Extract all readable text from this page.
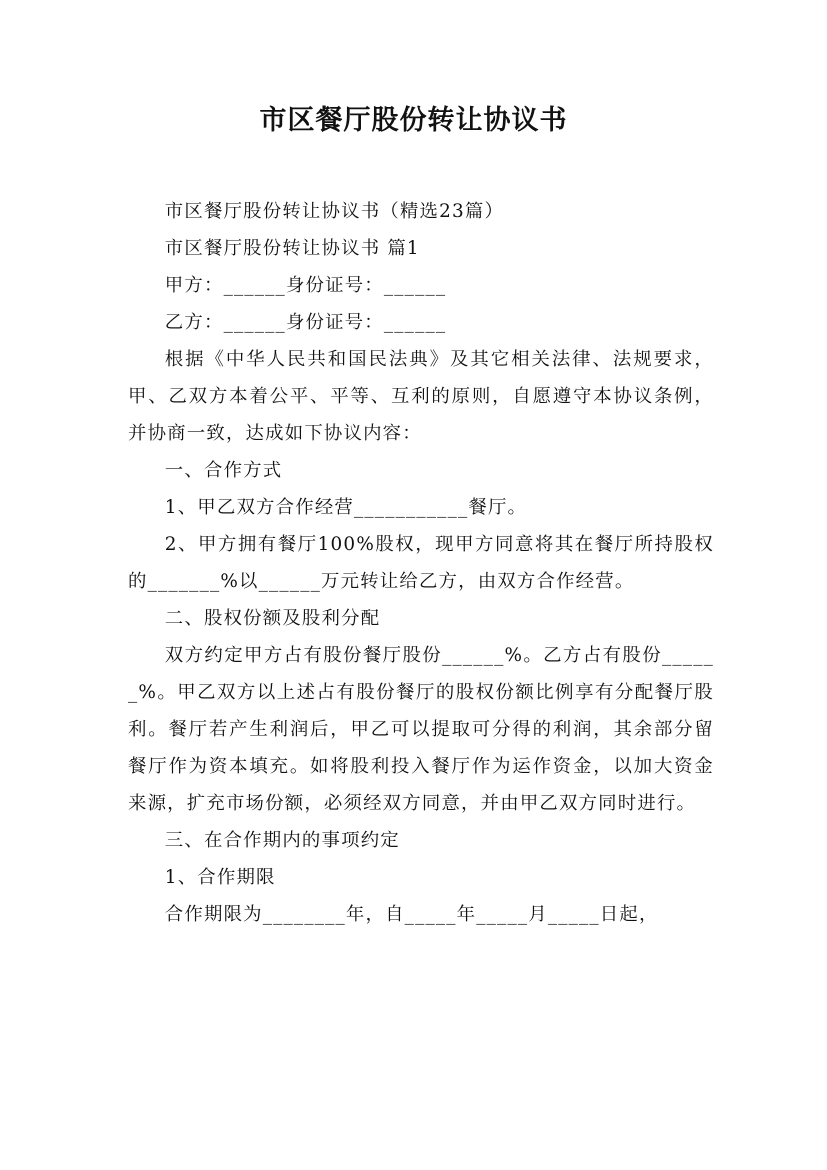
市区餐厅股份转让协议书

市区餐厅股份转让协议书（精选23篇）

市区餐厅股份转让协议书 篇1

甲方：______身份证号：______

乙方：______身份证号：______

根据《中华人民共和国民法典》及其它相关法律、法规要求，甲、乙双方本着公平、平等、互利的原则，自愿遵守本协议条例，并协商一致，达成如下协议内容：

一、合作方式

1、甲乙双方合作经营___________餐厅。

2、甲方拥有餐厅100%股权，现甲方同意将其在餐厅所持股权的_______%以______万元转让给乙方，由双方合作经营。

二、股权份额及股利分配

双方约定甲方占有股份餐厅股份______%。乙方占有股份______%。甲乙双方以上述占有股份餐厅的股权份额比例享有分配餐厅股利。餐厅若产生利润后，甲乙可以提取可分得的利润，其余部分留餐厅作为资本填充。如将股利投入餐厅作为运作资金，以加大资金来源，扩充市场份额，必须经双方同意，并由甲乙双方同时进行。

三、在合作期内的事项约定

1、合作期限

合作期限为________年，自_____年_____月_____日起，
